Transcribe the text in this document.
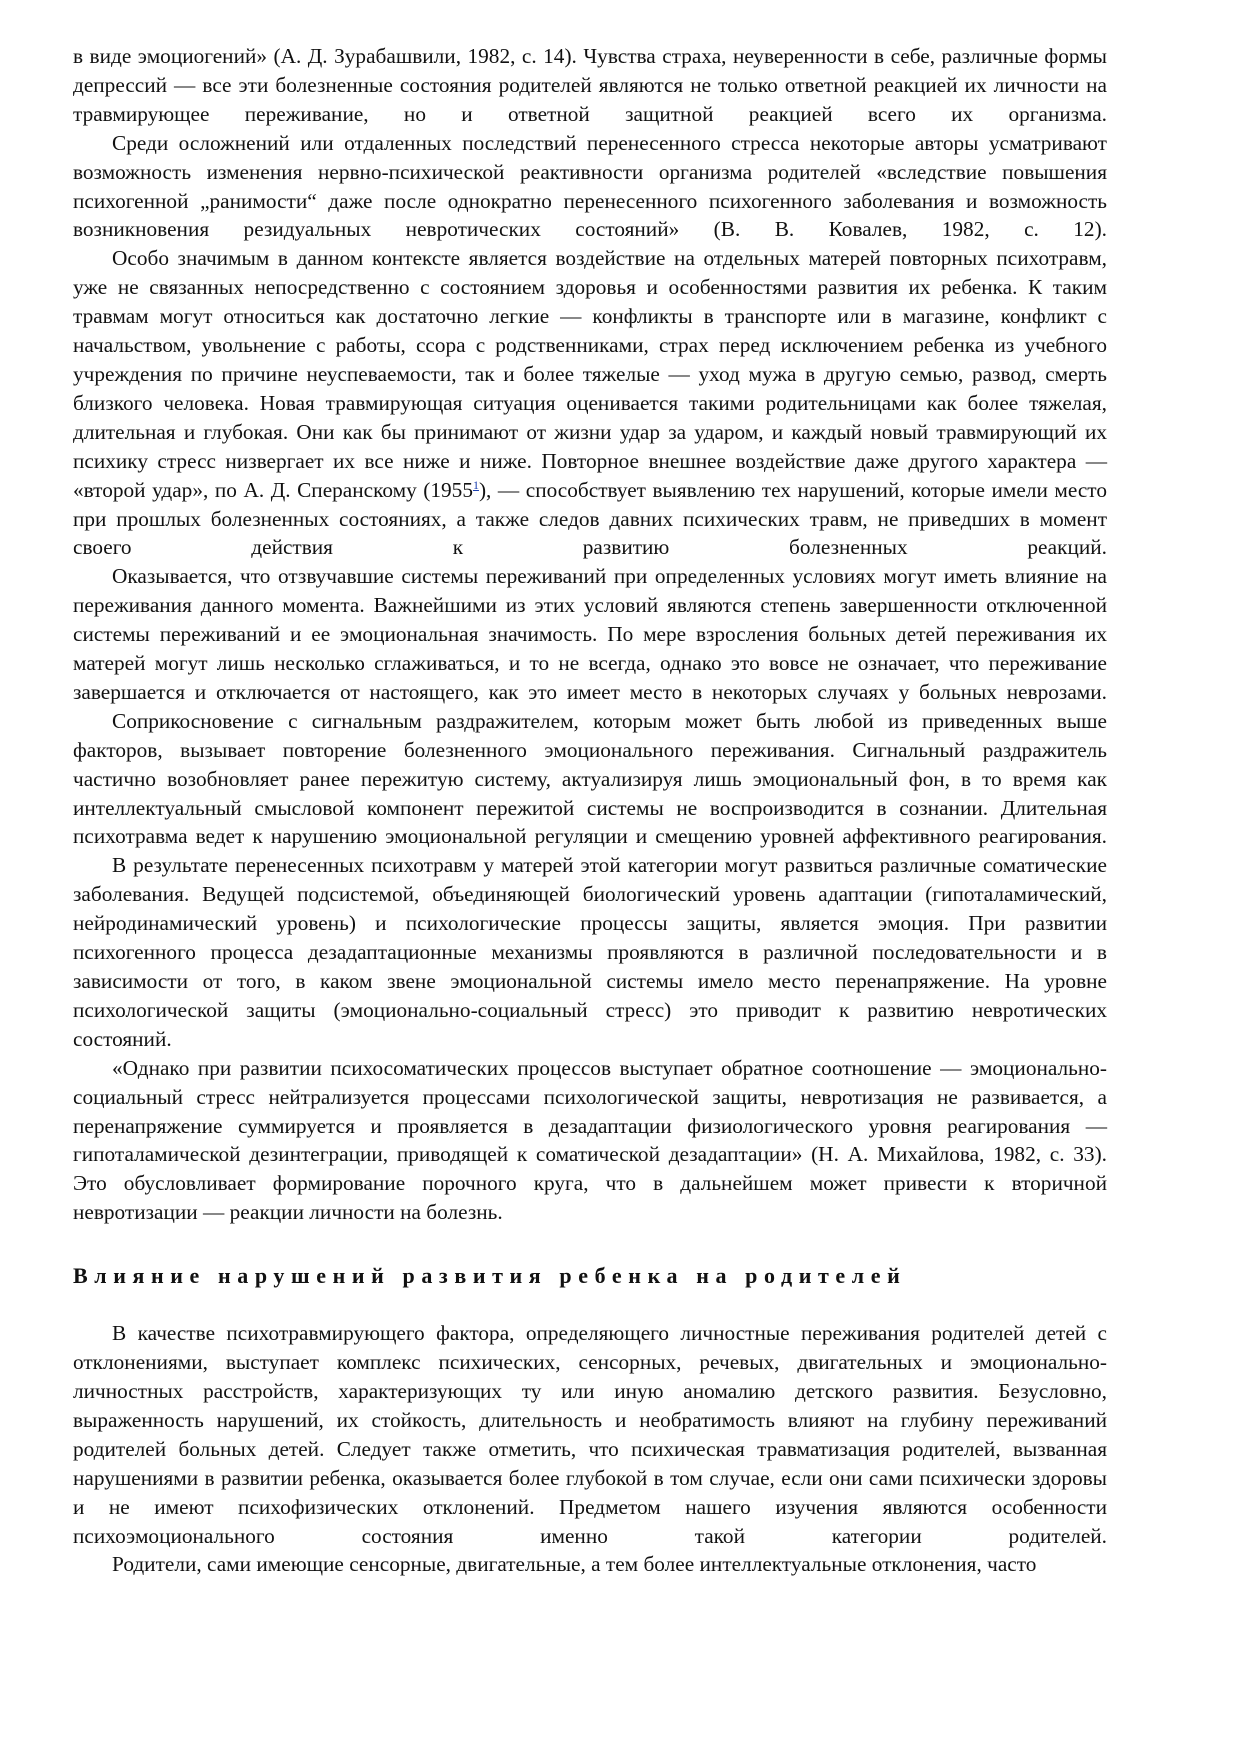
в виде эмоциогений» (А. Д. Зурабашвили, 1982, с. 14). Чувства страха, неуверенности в себе, различные формы депрессий — все эти болезненные состояния родителей являются не только ответной реакцией их личности на травмирующее переживание, но и ответной защитной реакцией всего их организма.

Среди осложнений или отдаленных последствий перенесенного стресса некоторые авторы усматривают возможность изменения нервно-психической реактивности организма родителей «вследствие повышения психогенной „ранимости“ даже после однократно перенесенного психогенного заболевания и возможность возникновения резидуальных невротических состояний» (В. В. Ковалев, 1982, с. 12).

Особо значимым в данном контексте является воздействие на отдельных матерей повторных психотравм, уже не связанных непосредственно с состоянием здоровья и особенностями развития их ребенка. К таким травмам могут относиться как достаточно легкие — конфликты в транспорте или в магазине, конфликт с начальством, увольнение с работы, ссора с родственниками, страх перед исключением ребенка из учебного учреждения по причине неуспеваемости, так и более тяжелые — уход мужа в другую семью, развод, смерть близкого человека. Новая травмирующая ситуация оценивается такими родительницами как более тяжелая, длительная и глубокая. Они как бы принимают от жизни удар за ударом, и каждый новый травмирующий их психику стресс низвергает их все ниже и ниже. Повторное внешнее воздействие даже другого характера — «второй удар», по А. Д. Сперанскому (1955$^1$), — способствует выявлению тех нарушений, которые имели место при прошлых болезненных состояниях, а также следов давних психических травм, не приведших в момент своего действия к развитию болезненных реакций.

Оказывается, что отзвучавшие системы переживаний при определенных условиях могут иметь влияние на переживания данного момента. Важнейшими из этих условий являются степень завершенности отключенной системы переживаний и ее эмоциональная значимость. По мере взросления больных детей переживания их матерей могут лишь несколько сглаживаться, и то не всегда, однако это вовсе не означает, что переживание завершается и отключается от настоящего, как это имеет место в некоторых случаях у больных неврозами.

Соприкосновение с сигнальным раздражителем, которым может быть любой из приведенных выше факторов, вызывает повторение болезненного эмоционального переживания. Сигнальный раздражитель частично возобновляет ранее пережитую систему, актуализируя лишь эмоциональный фон, в то время как интеллектуальный смысловой компонент пережитой системы не воспроизводится в сознании. Длительная психотравма ведет к нарушению эмоциональной регуляции и смещению уровней аффективного реагирования.

В результате перенесенных психотравм у матерей этой категории могут развиться различные соматические заболевания. Ведущей подсистемой, объединяющей биологический уровень адаптации (гипоталамический, нейродинамический уровень) и психологические процессы защиты, является эмоция. При развитии психогенного процесса дезадаптационные механизмы проявляются в различной последовательности и в зависимости от того, в каком звене эмоциональной системы имело место перенапряжение. На уровне психологической защиты (эмоционально-социальный стресс) это приводит к развитию невротических состояний.

«Однако при развитии психосоматических процессов выступает обратное соотношение — эмоционально-социальный стресс нейтрализуется процессами психологической защиты, невротизация не развивается, а перенапряжение суммируется и проявляется в дезадаптации физиологического уровня реагирования — гипоталамической дезинтеграции, приводящей к соматической дезадаптации» (Н. А. Михайлова, 1982, с. 33). Это обусловливает формирование порочного круга, что в дальнейшем может привести к вторичной невротизации — реакции личности на болезнь.

Влияние нарушений развития ребенка на родителей

В качестве психотравмирующего фактора, определяющего личностные переживания родителей детей с отклонениями, выступает комплекс психических, сенсорных, речевых, двигательных и эмоционально-личностных расстройств, характеризующих ту или иную аномалию детского развития. Безусловно, выраженность нарушений, их стойкость, длительность и необратимость влияют на глубину переживаний родителей больных детей. Следует также отметить, что психическая травматизация родителей, вызванная нарушениями в развитии ребенка, оказывается более глубокой в том случае, если они сами психически здоровы и не имеют психофизических отклонений. Предметом нашего изучения являются особенности психоэмоционального состояния именно такой категории родителей.

Родители, сами имеющие сенсорные, двигательные, а тем более интеллектуальные отклонения, часто
